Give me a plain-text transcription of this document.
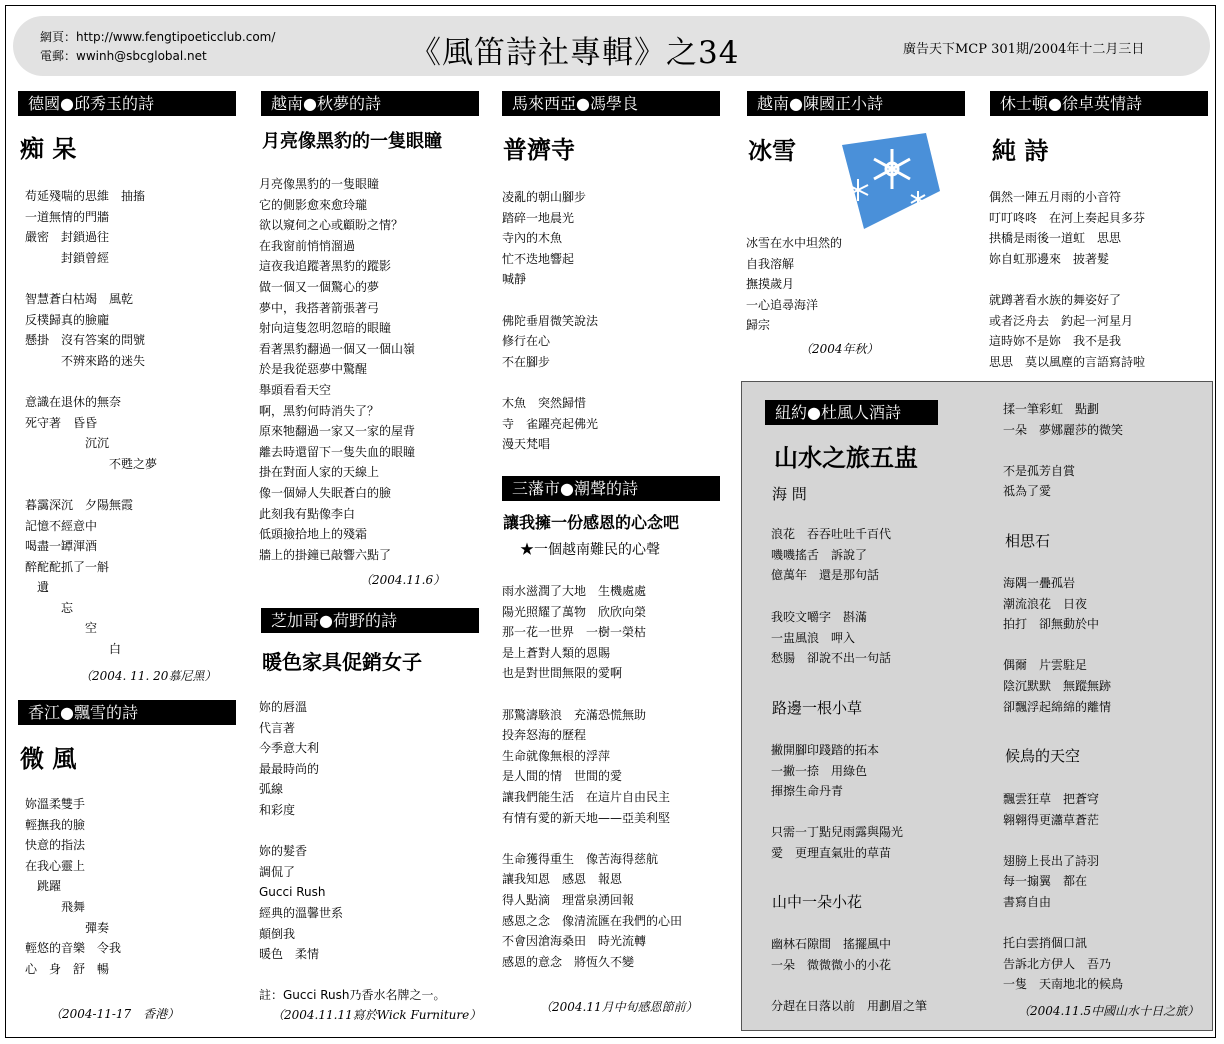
網頁：http://www.fengtipoeticclub.com/
電郵：wwinh@sbcglobal.net	《風笛詩社專輯》之34	廣告天下MCP 301期/2004年十二月三日
德國●邱秀玉的詩
痴 呆
苟延殘喘的思維　抽搐
一道無情的門牆
嚴密　封鎖過往
　　　封鎖曾經
智慧蒼白枯竭　風乾
反樸歸真的臉龐
懸掛　沒有答案的問號
　　　不辨來路的迷失
意識在退休的無奈
死守著　昏昏
　　　　　沉沉
　　　　　　　不甦之夢
暮靄深沉　夕陽無霞
記憶不經意中
喝盡一罈渾酒
醉酡酡抓了一斛
　遺
　　　忘
　　　　　空
　　　　　　　白
（2004. 11. 20慕尼黑）
香江●飄雪的詩
微 風
妳溫柔雙手
輕撫我的臉
快意的指法
在我心靈上
　跳躍
　　　飛舞
　　　　　彈奏
輕悠的音樂　令我
心　身　舒　暢
（2004-11-17　香港）
越南●秋夢的詩
月亮像黑豹的一隻眼瞳
月亮像黑豹的一隻眼瞳
它的側影愈來愈玲瓏
欲以窺伺之心或顧盼之情？
在我窗前悄悄溜過
這夜我追蹤著黑豹的蹤影
做一個又一個驚心的夢
夢中，我搭著箭張著弓
射向這隻忽明忽暗的眼瞳
看著黑豹翻過一個又一個山嶺
於是我從惡夢中驚醒
舉頭看看天空
啊，黑豹何時消失了？
原來牠翻過一家又一家的屋背
離去時還留下一隻失血的眼瞳
掛在對面人家的天線上
像一個婦人失眠蒼白的臉
此刻我有點像李白
低頭撿拾地上的殘霜
牆上的掛鐘已敲響六點了
（2004.11.6）
芝加哥●荷野的詩
暖色家具促銷女子
妳的唇溫
代言著
今季意大利
最最時尚的
弧線
和彩度
妳的髮香
調侃了
Gucci Rush
經典的溫馨世系
顛倒我
暖色　柔情
註：Gucci Rush乃香水名牌之一。
（2004.11.11寫於Wick Furniture）
馬來西亞●馮學良
普濟寺
凌亂的朝山腳步
踏碎一地晨光
寺內的木魚
忙不迭地響起
喊靜
佛陀垂眉微笑說法
修行在心
不在腳步
木魚　突然歸惜
寺　雀躍亮起佛光
漫天梵唱
三藩市●潮聲的詩
讓我擁一份感恩的心念吧
★一個越南難民的心聲
雨水滋潤了大地　生機處處
陽光照耀了萬物　欣欣向榮
那一花一世界　一樹一榮枯
是上蒼對人類的恩賜
也是對世間無限的愛啊
那驚濤駭浪　充滿恐慌無助
投奔怒海的歷程
生命就像無根的浮萍
是人間的情　世間的愛
讓我們能生活　在這片自由民主
有情有愛的新天地——亞美利堅
生命獲得重生　像苦海得慈航
讓我知恩　感恩　報恩
得人點滴　理當泉湧回報
感恩之念　像清流匯在我們的心田
不會因滄海桑田　時光流轉
感恩的意念　將恆久不變
（2004.11月中旬感恩節前）
越南●陳國正小詩
冰雪
冰雪在水中坦然的
自我溶解
撫摸歲月
一心追尋海洋
歸宗
（2004年秋）
休士頓●徐卓英情詩
純 詩
偶然一陣五月雨的小音符
叮叮咚咚　在河上奏起貝多芬
拱橋是雨後一道虹　思思
妳自虹那邊來　披著髮
就蹲著看水族的舞姿好了
或者泛舟去　釣起一河星月
這時妳不是妳　我不是我
思思　莫以風塵的言語寫詩啦
紐約●杜風人酒詩
山水之旅五盅
海 問
浪花　吞吞吐吐千百代
嘰嘰搖舌　訴說了
億萬年　還是那句話
我咬文嚼字　斟滿
一盅風浪　呷入
愁腸　卻說不出一句話
路邊一根小草
撇開腳印踐踏的拓本
一撇一捺　用綠色
揮擦生命丹青
只需一丁點兒雨露與陽光
愛　更理直氣壯的草苗
山中一朵小花
幽林石隙間　搖擺風中
一朵　微微微小的小花
分趕在日落以前　用劃眉之筆
揉一筆彩虹　點劃
一朵　夢娜麗莎的微笑
不是孤芳自賞
祗為了愛
相思石
海隅一疊孤岩
潮流浪花　日夜
拍打　卻無動於中
偶爾　片雲駐足
陰沉默默　無蹤無跡
卻飄浮起綿綿的離情
候鳥的天空
飄雲狂草　把蒼穹
翱翱得更瀟草蒼茫
翅膀上長出了詩羽
每一搧翼　都在
書寫自由
托白雲捎個口訊
告訴北方伊人　吾乃
一隻　天南地北的候鳥
（2004.11.5中國山水十日之旅）
